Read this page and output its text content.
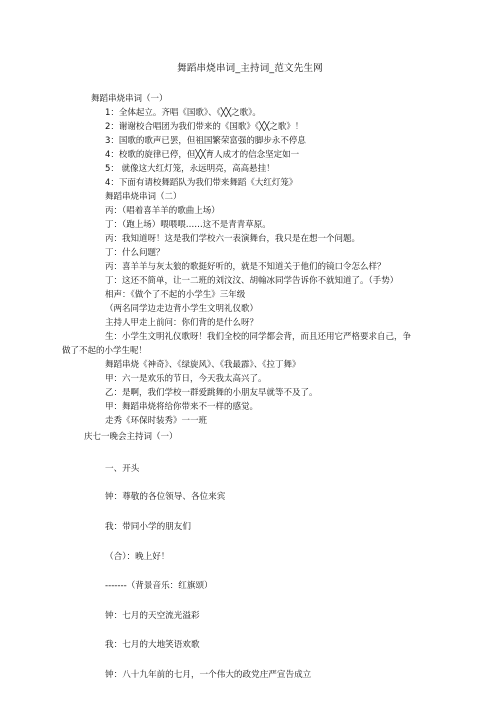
舞蹈串烧串词_主持词_范文先生网
舞蹈串烧串词（一）
1：全体起立。齐唱《国歌》、《╳╳之歌》。
2：谢谢校合唱团为我们带来的《国歌》《╳╳之歌》！
3：国歌的歌声已罢，但祖国繁荣富强的脚步永不停息
4：校歌的旋律已停，但╳╳育人成才的信念坚定如一
5： 就像这大红灯笼，永远明亮，高高悬挂！
4：下面有请校舞蹈队为我们带来舞蹈《大红灯笼》
舞蹈串烧串词（二）
丙：（唱着喜羊羊的歌曲上场）
丁：（跑上场）喂喂喂……这不是青青草原。
丙：我知道呀！这是我们学校六一表演舞台，我只是在想一个问题。
丁：什么问题？
丙：喜羊羊与灰太狼的歌挺好听的，就是不知道关于他们的镜口令怎么样？
丁：这还不简单，让一二班的刘汶汶、胡翰冰同学告诉你不就知道了。（手势）
相声：《做个了不起的小学生》三年级
（两名同学边走边背小学生文明礼仪歌）
主持人甲走上前问：你们背的是什么呀？
生：小学生文明礼仪歌呀！我们全校的同学都会背，而且还用它严格要求自己，争
做了不起的小学生呢！
舞蹈串烧《神奇》、《绿旋风》、《我最霹》、《拉丁舞》
甲：六一是欢乐的节日，今天我太高兴了。
乙：是啊，我们学校一群爱跳舞的小朋友早就等不及了。
甲：舞蹈串烧将给你带来不一样的感觉。
走秀《环保时装秀》一一班
庆七一晚会主持词（一）
一、开头
钟：尊敬的各位领导、各位来宾
我：带同小学的朋友们
（合）：晚上好！
-------（背景音乐：红旗颂）
钟：七月的天空流光溢彩
我：七月的大地笑语欢歌
钟：八十九年前的七月，一个伟大的政党庄严宣告成立
